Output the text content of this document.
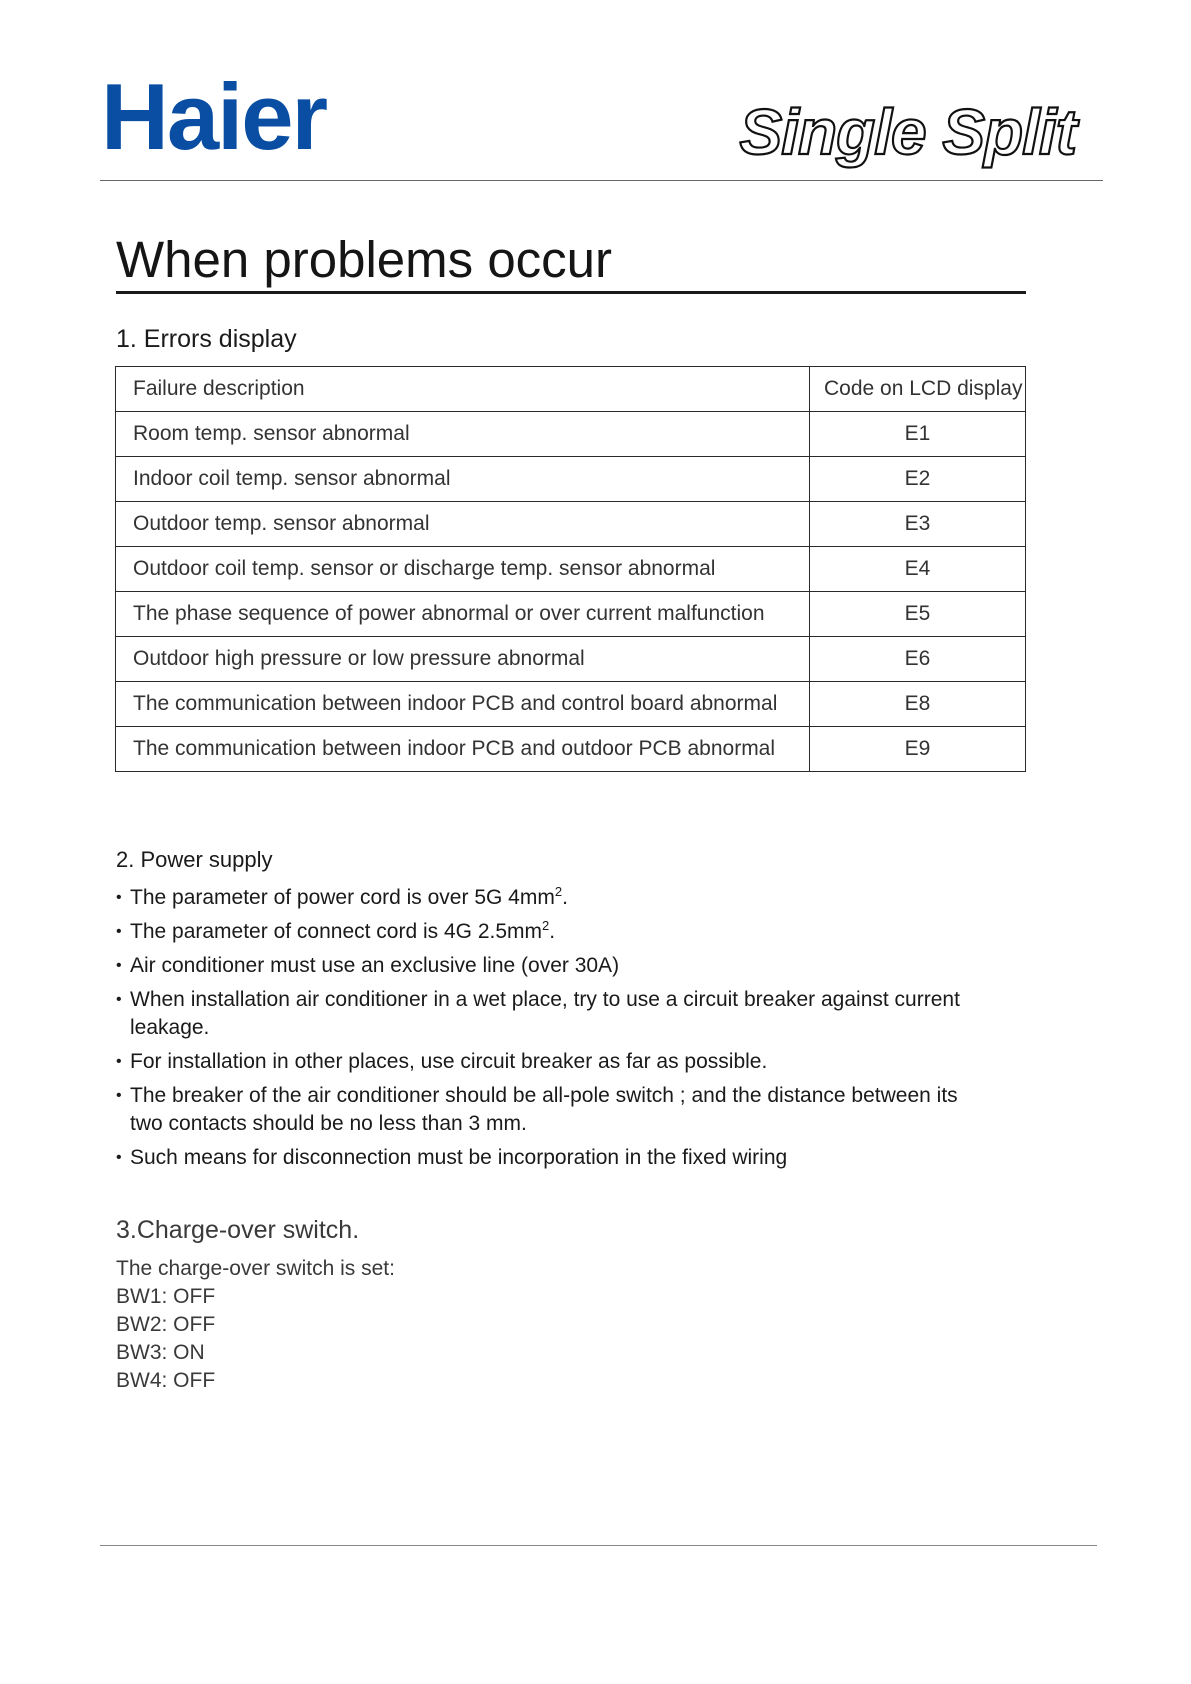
Haier	Single Split
When problems occur
1. Errors display
Failure description	Code on LCD display
Room temp. sensor abnormal	E1
Indoor coil temp. sensor abnormal	E2
Outdoor temp. sensor abnormal	E3
Outdoor coil temp. sensor or discharge temp. sensor abnormal	E4
The phase sequence of power abnormal or over current malfunction	E5
Outdoor high pressure or low pressure abnormal	E6
The communication between indoor PCB and control board abnormal	E8
The communication between indoor PCB and outdoor PCB abnormal	E9
2. Power supply
• The parameter of power cord is over 5G $4mm^2$.
• The parameter of connect cord is 4G $2.5mm^2$.
• Air conditioner must use an exclusive line (over 30A)
• When installation air conditioner in a wet place, try to use a circuit breaker against current leakage.
• For installation in other places, use circuit breaker as far as possible.
• The breaker of the air conditioner should be all-pole switch ; and the distance between its two contacts should be no less than 3 mm.
• Such means for disconnection must be incorporation in the fixed wiring
3.Charge-over switch.
The charge-over switch is set:
BW1: OFF
BW2: OFF
BW3: ON
BW4: OFF
